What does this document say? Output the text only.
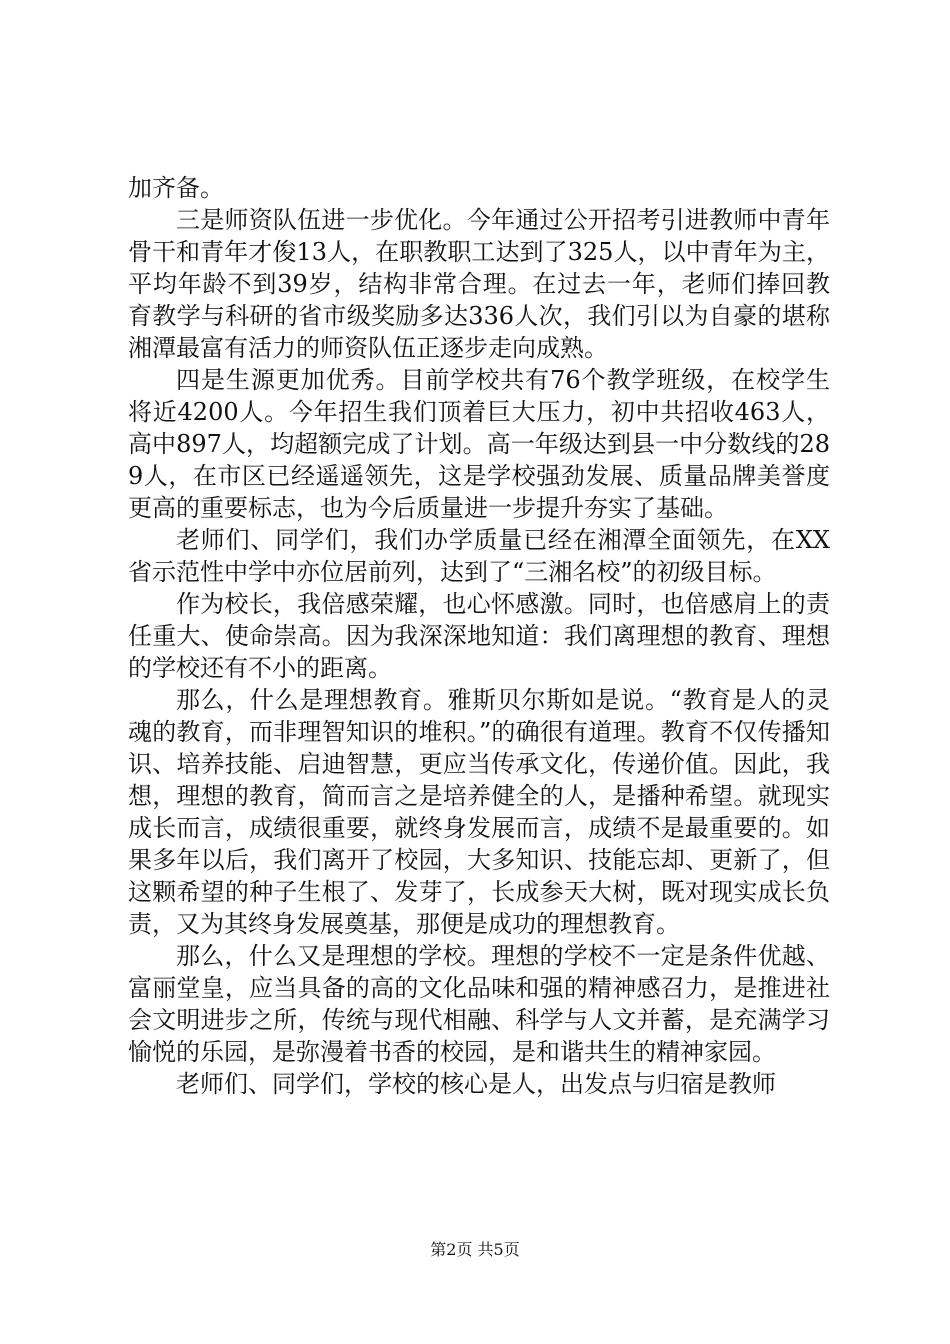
加齐备。

三是师资队伍进一步优化。今年通过公开招考引进教师中青年骨干和青年才俊13人，在职教职工达到了325人，以中青年为主，平均年龄不到39岁，结构非常合理。在过去一年，老师们捧回教育教学与科研的省市级奖励多达336人次，我们引以为自豪的堪称湘潭最富有活力的师资队伍正逐步走向成熟。

四是生源更加优秀。目前学校共有76个教学班级，在校学生将近4200人。今年招生我们顶着巨大压力，初中共招收463人，高中897人，均超额完成了计划。高一年级达到县一中分数线的289人，在市区已经遥遥领先，这是学校强劲发展、质量品牌美誉度更高的重要标志，也为今后质量进一步提升夯实了基础。

老师们、同学们，我们办学质量已经在湘潭全面领先，在XX省示范性中学中亦位居前列，达到了“三湘名校”的初级目标。

作为校长，我倍感荣耀，也心怀感激。同时，也倍感肩上的责任重大、使命崇高。因为我深深地知道：我们离理想的教育、理想的学校还有不小的距离。

那么，什么是理想教育。雅斯贝尔斯如是说。“教育是人的灵魂的教育，而非理智知识的堆积。”的确很有道理。教育不仅传播知识、培养技能、启迪智慧，更应当传承文化，传递价值。因此，我想，理想的教育，简而言之是培养健全的人，是播种希望。就现实成长而言，成绩很重要，就终身发展而言，成绩不是最重要的。如果多年以后，我们离开了校园，大多知识、技能忘却、更新了，但这颗希望的种子生根了、发芽了，长成参天大树，既对现实成长负责，又为其终身发展奠基，那便是成功的理想教育。

那么，什么又是理想的学校。理想的学校不一定是条件优越、富丽堂皇，应当具备的高的文化品味和强的精神感召力，是推进社会文明进步之所，传统与现代相融、科学与人文并蓄，是充满学习愉悦的乐园，是弥漫着书香的校园，是和谐共生的精神家园。

老师们、同学们，学校的核心是人，出发点与归宿是教师

第2页 共5页
